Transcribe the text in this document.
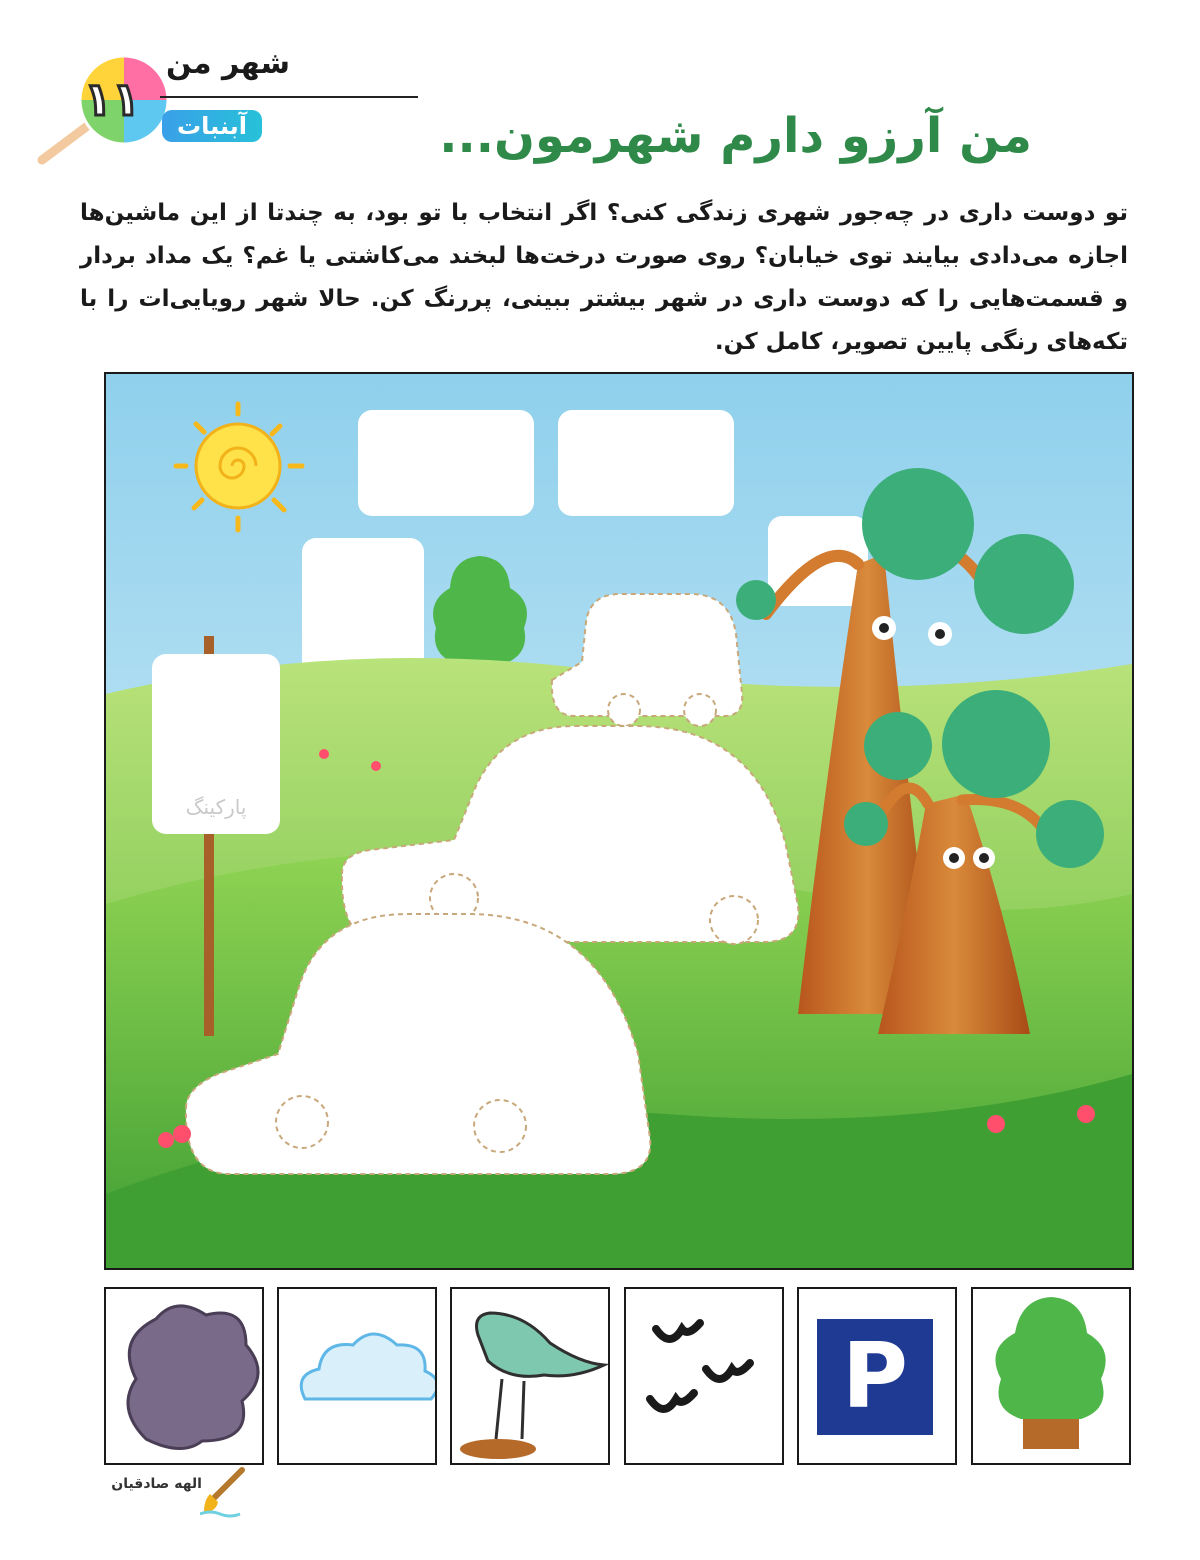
۱۱
شهر من
آبنبات	من آرزو دارم شهرمون...
تو دوست داری در چه‌جور شهری زندگی کنی؟ اگر انتخاب با تو بود، به چندتا از این ماشین‌ها اجازه می‌دادی بیایند توی خیابان؟ روی صورت درخت‌ها لبخند می‌کاشتی یا غم؟ یک مداد بردار و قسمت‌هایی را که دوست داری در شهر بیشتر ببینی، پررنگ کن. حالا شهر رویایی‌ات را با تکه‌های رنگی پایین تصویر، کامل کن.
پارکینگ
P
الهه صادقیان
